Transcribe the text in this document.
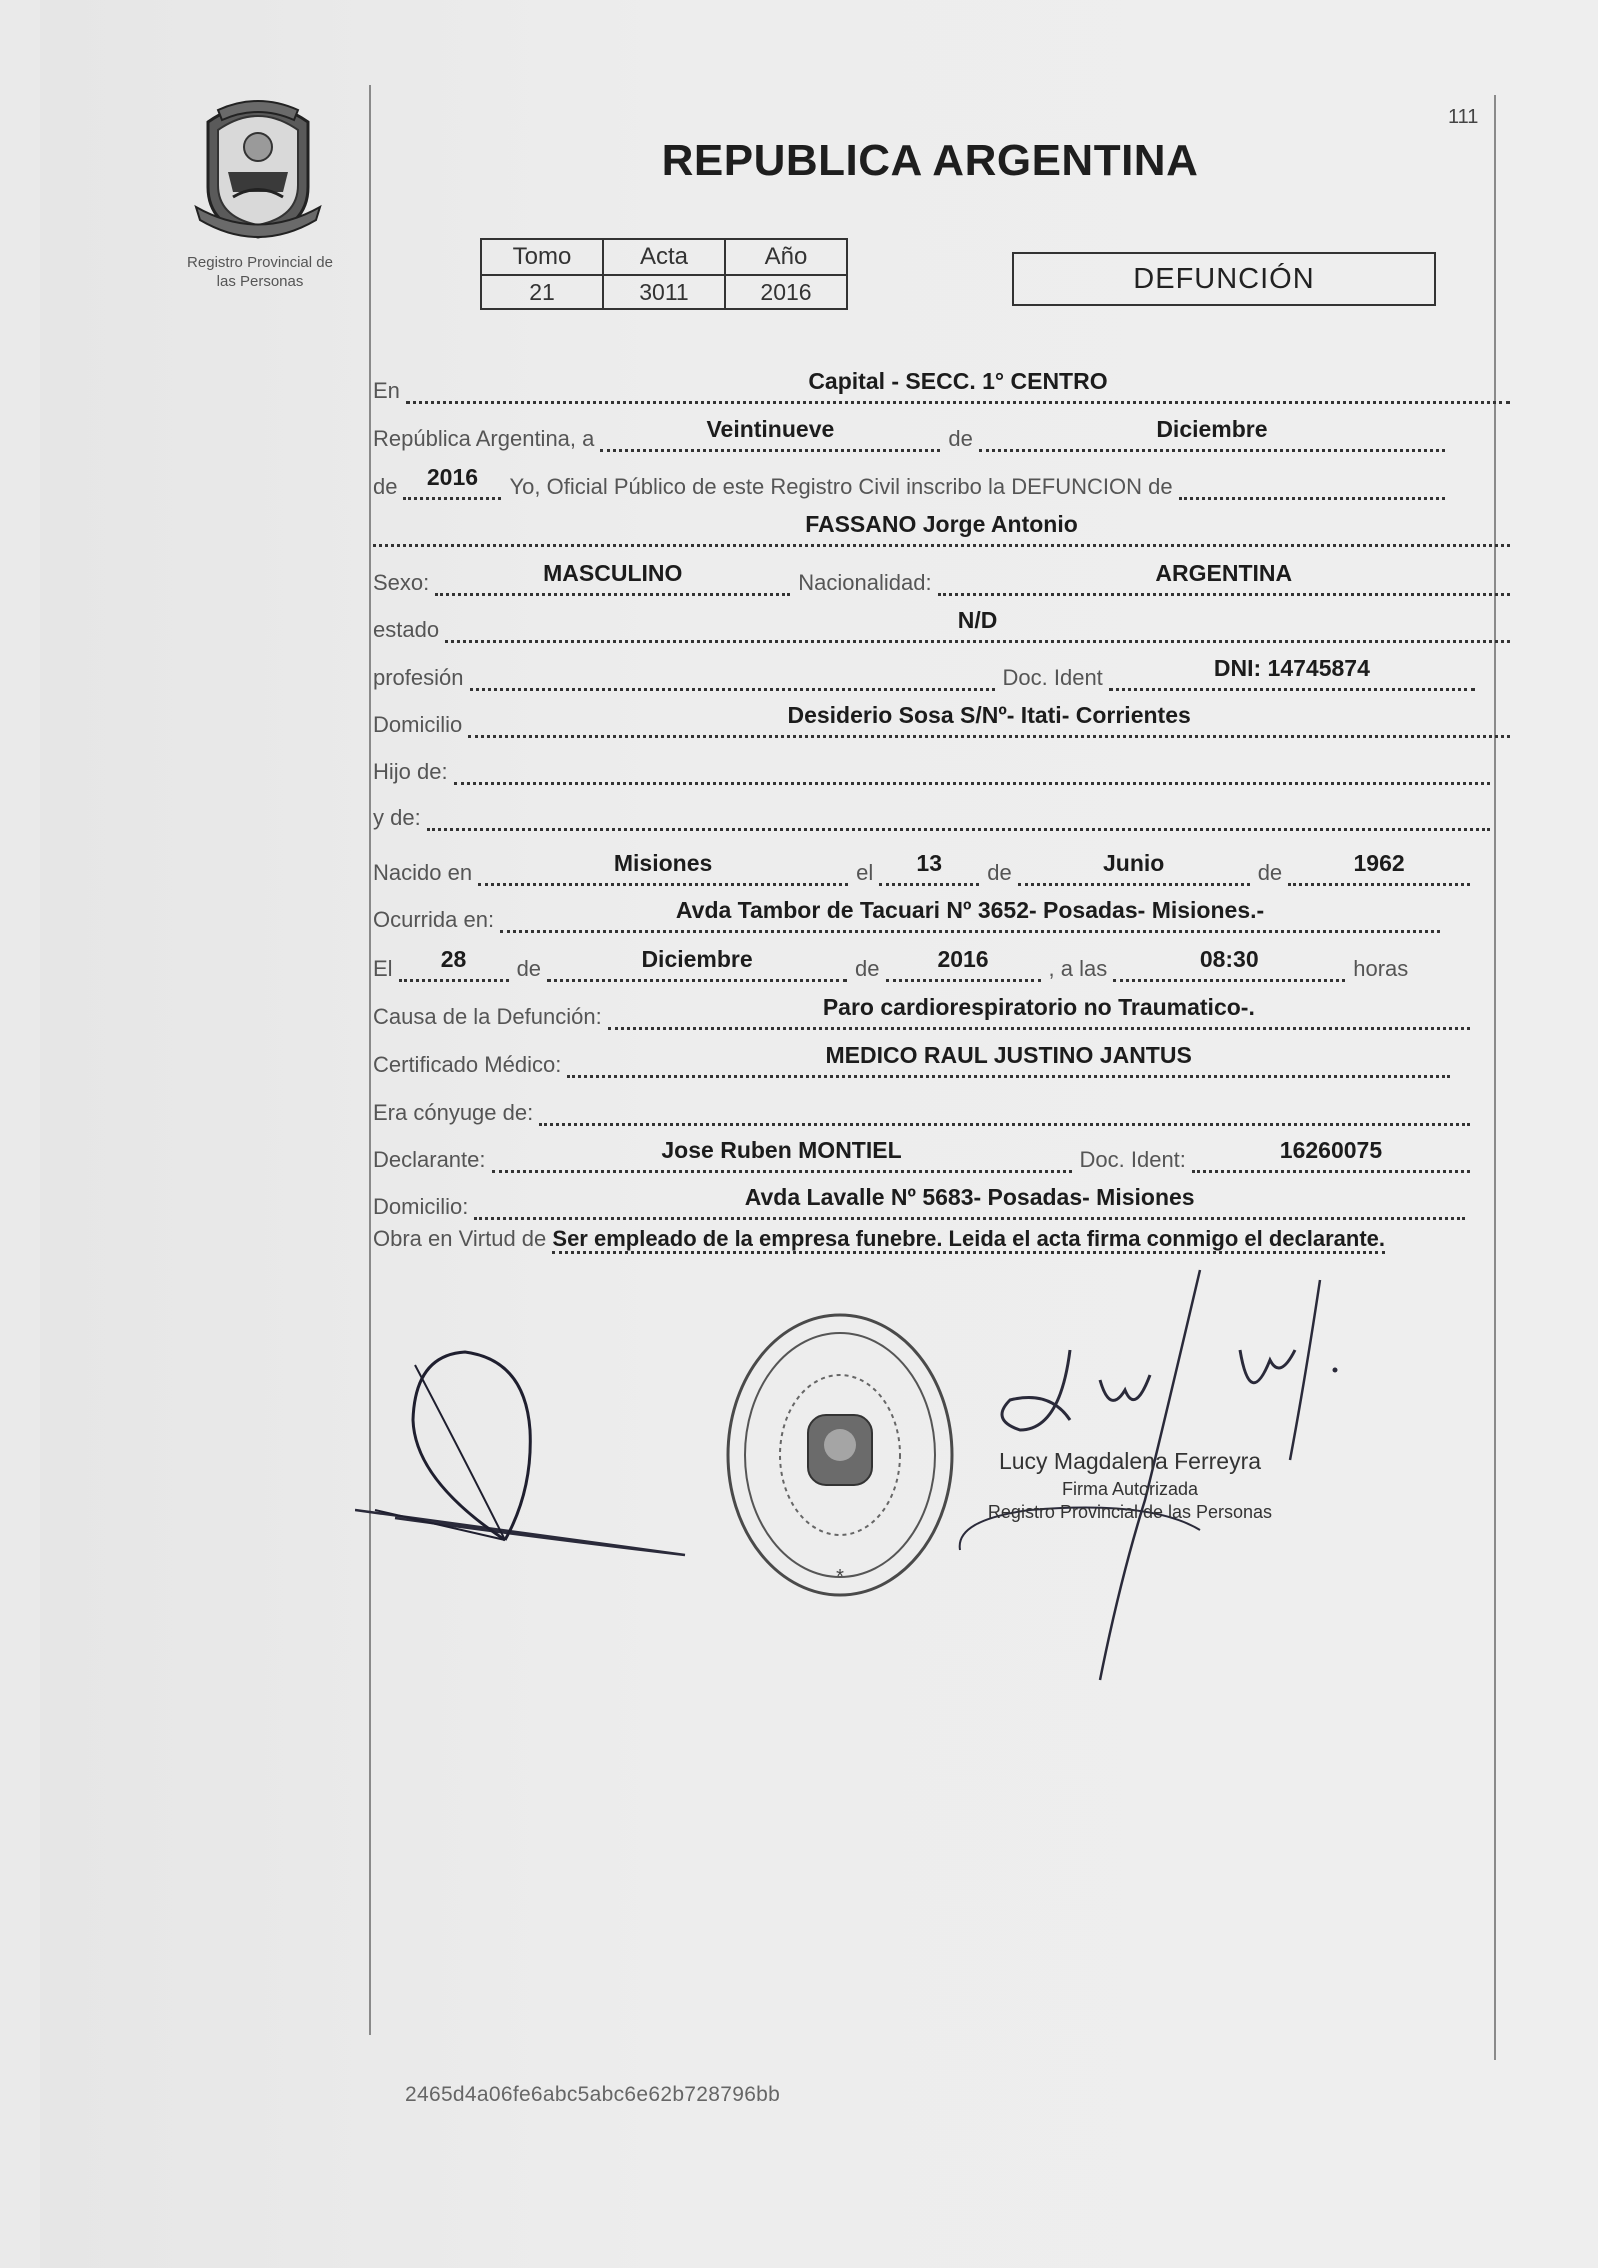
Registro Provincial de
las Personas
111
REPUBLICA ARGENTINA
Tomo	Acta	Año
21	3011	2016	DEFUNCIÓN
En	Capital - SECC. 1° CENTRO
República Argentina, a	Veintinueve	de	Diciembre
de 2016 Yo, Oficial Público de este Registro Civil inscribo la DEFUNCION de
FASSANO Jorge Antonio
Sexo:	MASCULINO	Nacionalidad:	ARGENTINA
estado	N/D
profesión	Doc. Ident	DNI: 14745874
Domicilio	Desiderio Sosa S/Nº- Itati- Corrientes
Hijo de:
y de:
Nacido en	Misiones	el 13 de	Junio	de	1962
Ocurrida en:	Avda Tambor de Tacuari Nº 3652- Posadas- Misiones.-
El 28 de	Diciembre	de	2016	, a las	08:30	horas
Causa de la Defunción:	Paro cardiorespiratorio no Traumatico-.
Certificado Médico:	MEDICO RAUL JUSTINO JANTUS
Era cónyuge de:
Declarante:	Jose Ruben MONTIEL	Doc. Ident:	16260075
Domicilio:	Avda Lavalle Nº 5683- Posadas- Misiones
Obra en Virtud de Ser empleado de la empresa funebre. Leida el acta firma conmigo el declarante.
*
Lucy Magdalena Ferreyra
Firma Autorizada
Registro Provincial de las Personas
2465d4a06fe6abc5abc6e62b728796bb
